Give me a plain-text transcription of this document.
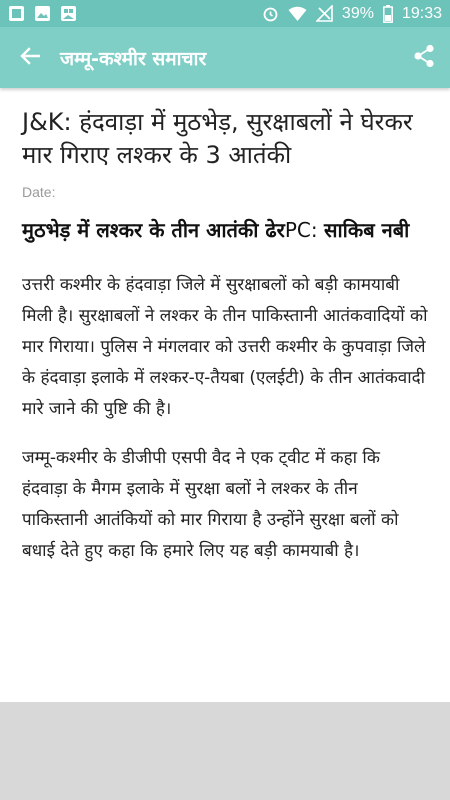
39% 19:33
जम्मू-कश्मीर समाचार
J&K: हंदवाड़ा में मुठभेड़, सुरक्षाबलों ने घेरकर मार गिराए लश्कर के 3 आतंकी
Date:
मुठभेड़ में लश्कर के तीन आतंकी ढेरPC: साकिब नबी

उत्तरी कश्मीर के हंदवाड़ा जिले में सुरक्षाबलों को बड़ी कामयाबी मिली है। सुरक्षाबलों ने लश्कर के तीन पाकिस्तानी आतंकवादियों को मार गिराया। पुलिस ने मंगलवार को उत्तरी कश्मीर के कुपवाड़ा जिले के हंदवाड़ा इलाके में लश्कर-ए-तैयबा (एलईटी) के तीन आतंकवादी मारे जाने की पुष्टि की है।

जम्मू-कश्मीर के डीजीपी एसपी वैद ने एक ट्वीट में कहा कि हंदवाड़ा के मैगम इलाके में सुरक्षा बलों ने लश्कर के तीन पाकिस्तानी आतंकियों को मार गिराया है उन्होंने सुरक्षा बलों को बधाई देते हुए कहा कि हमारे लिए यह बड़ी कामयाबी है।
